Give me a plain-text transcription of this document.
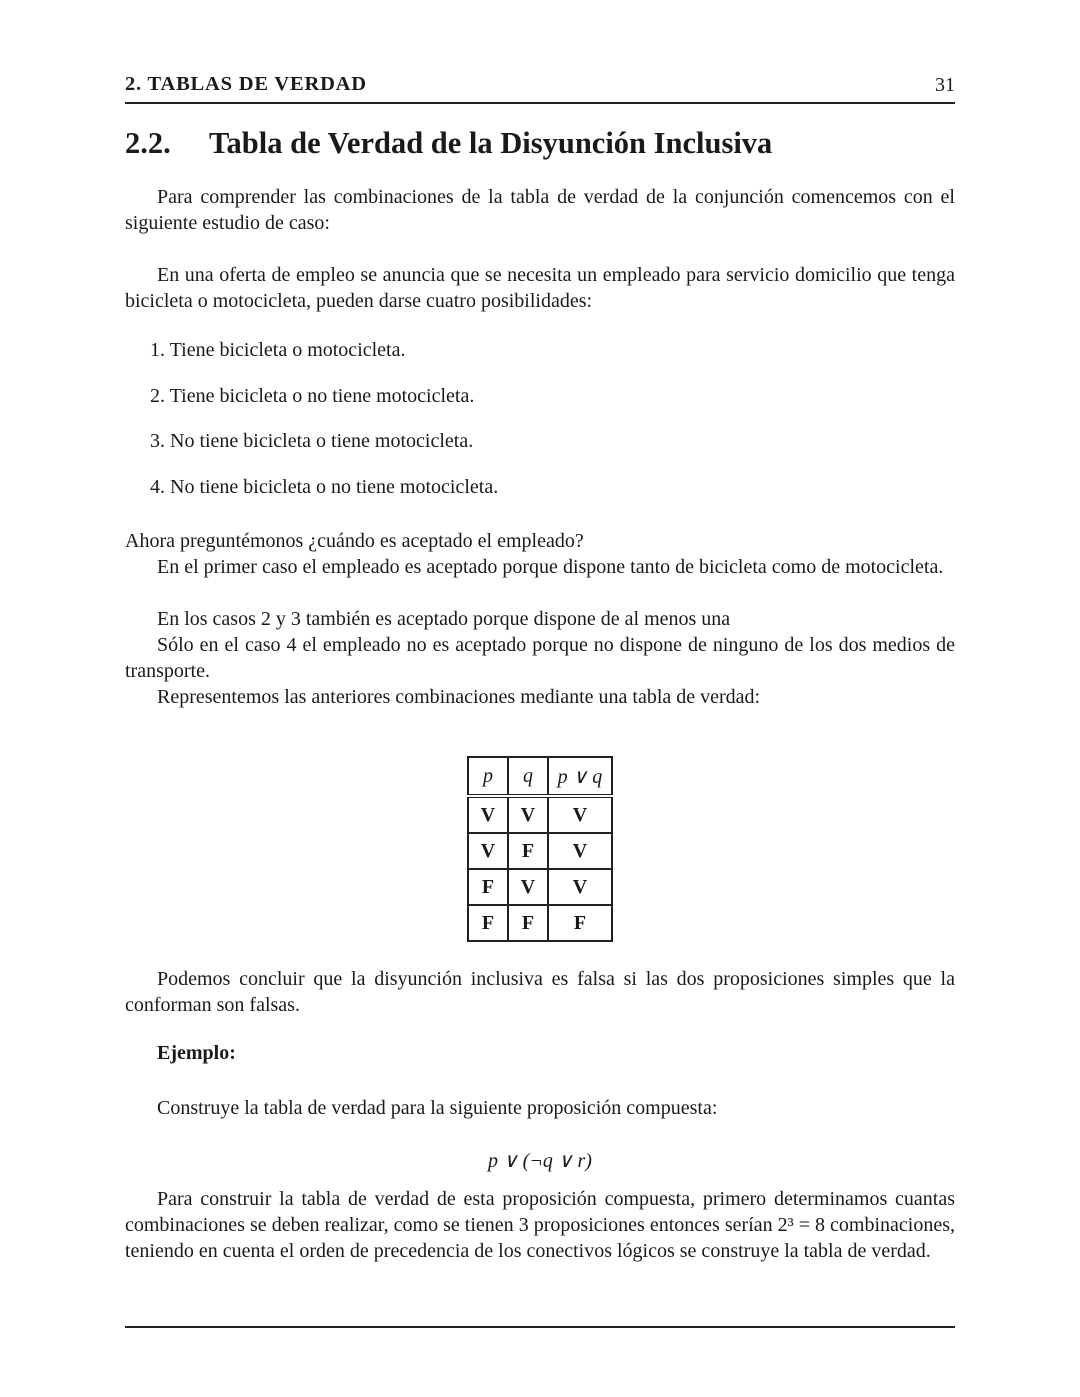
2. TABLAS DE VERDAD	31
2.2. Tabla de Verdad de la Disyunción Inclusiva

Para comprender las combinaciones de la tabla de verdad de la conjunción comencemos con el siguiente estudio de caso:

En una oferta de empleo se anuncia que se necesita un empleado para servicio domicilio que tenga bicicleta o motocicleta, pueden darse cuatro posibilidades:

1. Tiene bicicleta o motocicleta.
2. Tiene bicicleta o no tiene motocicleta.
3. No tiene bicicleta o tiene motocicleta.
4. No tiene bicicleta o no tiene motocicleta.

Ahora preguntémonos ¿cuándo es aceptado el empleado?

En el primer caso el empleado es aceptado porque dispone tanto de bicicleta como de motocicleta.

En los casos 2 y 3 también es aceptado porque dispone de al menos una

Sólo en el caso 4 el empleado no es aceptado porque no dispone de ninguno de los dos medios de transporte.

Representemos las anteriores combinaciones mediante una tabla de verdad:

p	q	p ∨ q
V	V	V
V	F	V
F	V	V
F	F	F

Podemos concluir que la disyunción inclusiva es falsa si las dos proposiciones simples que la conforman son falsas.

Ejemplo:

Construye la tabla de verdad para la siguiente proposición compuesta:

p ∨ (¬q ∨ r)

Para construir la tabla de verdad de esta proposición compuesta, primero determinamos cuantas combinaciones se deben realizar, como se tienen 3 proposiciones entonces serían 2³ = 8 combinaciones, teniendo en cuenta el orden de precedencia de los conectivos lógicos se construye la tabla de verdad.
